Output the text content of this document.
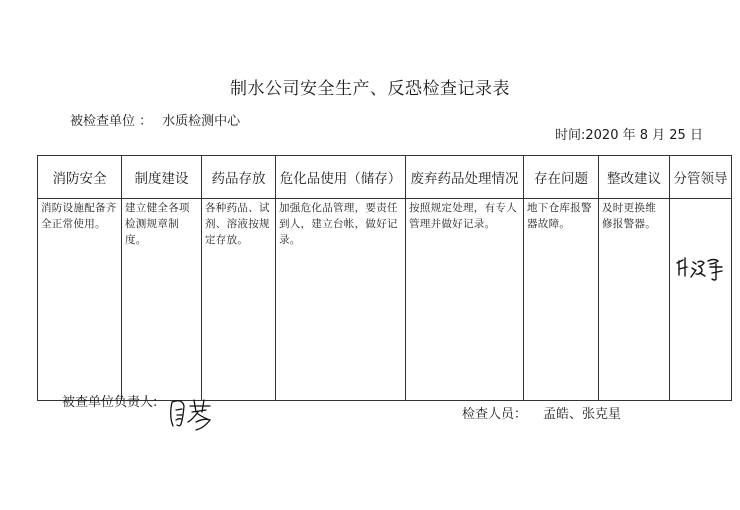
制水公司安全生产、反恐检查记录表
被检查单位 ： 水质检测中心
时间:2020 年 8 月 25 日
消防安全	制度建设	药品存放	危化品使用（储存）	废弃药品处理情况	存在问题	整改建议	分管领导
消防设施配备齐全正常使用。	建立健全各项检测规章制度。	各种药品、试剂、溶液按规定存放。	加强危化品管理，要责任到人，建立台帐，做好记录。	按照规定处理，有专人管理并做好记录。	地下仓库报警器故障。	及时更换维修报警器。	
被查单位负责人:
检查人员： 孟皓、张克星
